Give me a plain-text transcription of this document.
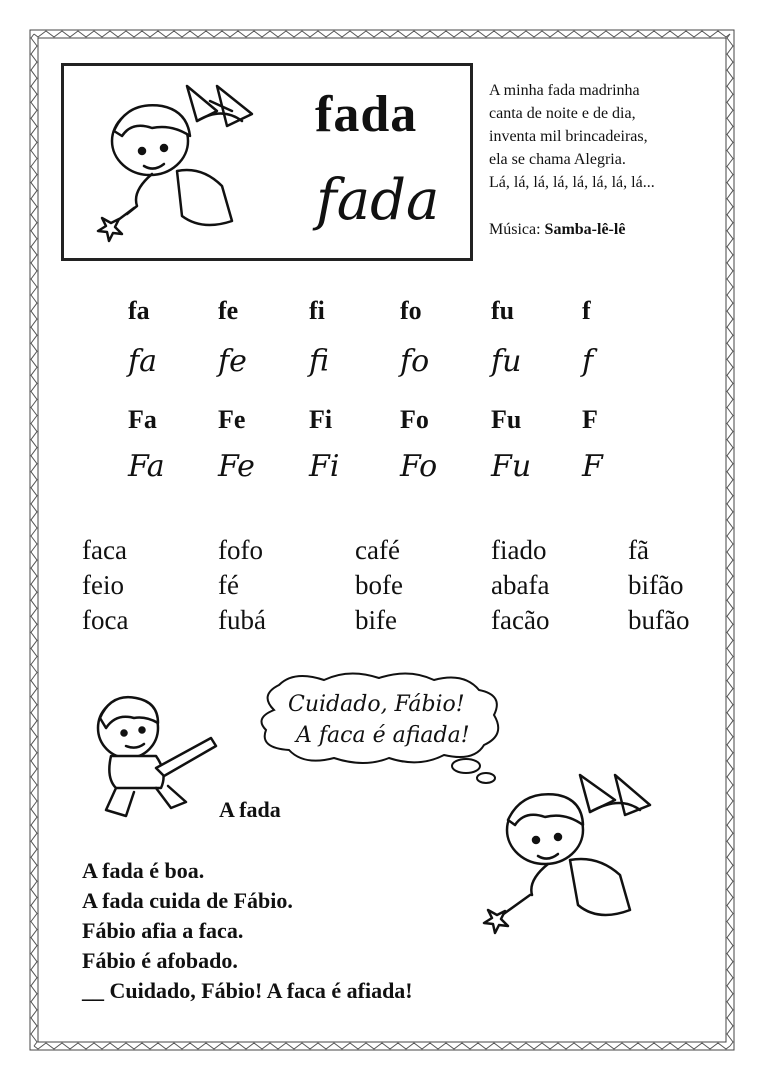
fada
fada
A minha fada madrinha
canta de noite e de dia,
inventa mil brincadeiras,
ela se chama Alegria.
Lá, lá, lá, lá, lá, lá, lá, lá...
Música: Samba-lê-lê
fa	fe	fi	fo	fu	f
fa fe fi fo fu f
Fa Fe Fi	Fo Fu F
Fa Fe Fi Fo Fu F
faca	fofo	café	fiado	fã
feio	fé	bofe	abafa	bifão
foca	fubá	bife	facão	bufão
Cuidado, Fábio!
A faca é afiada!
A fada
A fada é boa.
A fada cuida de Fábio.
Fábio afia a faca.
Fábio é afobado.
__ Cuidado, Fábio! A faca é afiada!
